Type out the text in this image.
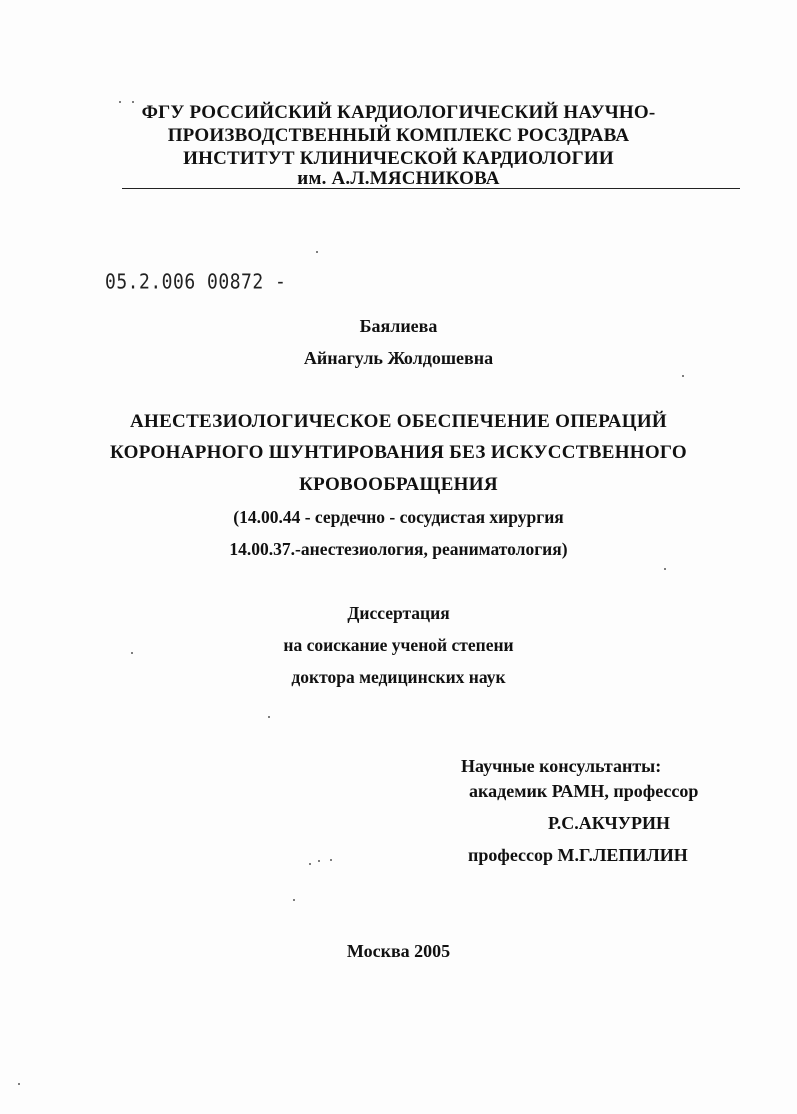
ФГУ РОССИЙСКИЙ КАРДИОЛОГИЧЕСКИЙ НАУЧНО-
ПРОИЗВОДСТВЕННЫЙ КОМПЛЕКС РОСЗДРАВА
ИНСТИТУТ КЛИНИЧЕСКОЙ КАРДИОЛОГИИ
им. А.Л.МЯСНИКОВА
05.2.006 00872 -
Баялиева
Айнагуль Жолдошевна
АНЕСТЕЗИОЛОГИЧЕСКОЕ ОБЕСПЕЧЕНИЕ ОПЕРАЦИЙ
КОРОНАРНОГО ШУНТИРОВАНИЯ БЕЗ ИСКУССТВЕННОГО
КРОВООБРАЩЕНИЯ
(14.00.44 - сердечно - сосудистая хирургия
14.00.37.-анестезиология, реаниматология)
Диссертация
на соискание ученой степени
доктора медицинских наук
Научные консультанты:
академик РАМН, профессор
Р.С.АКЧУРИН
профессор М.Г.ЛЕПИЛИН
Москва 2005
